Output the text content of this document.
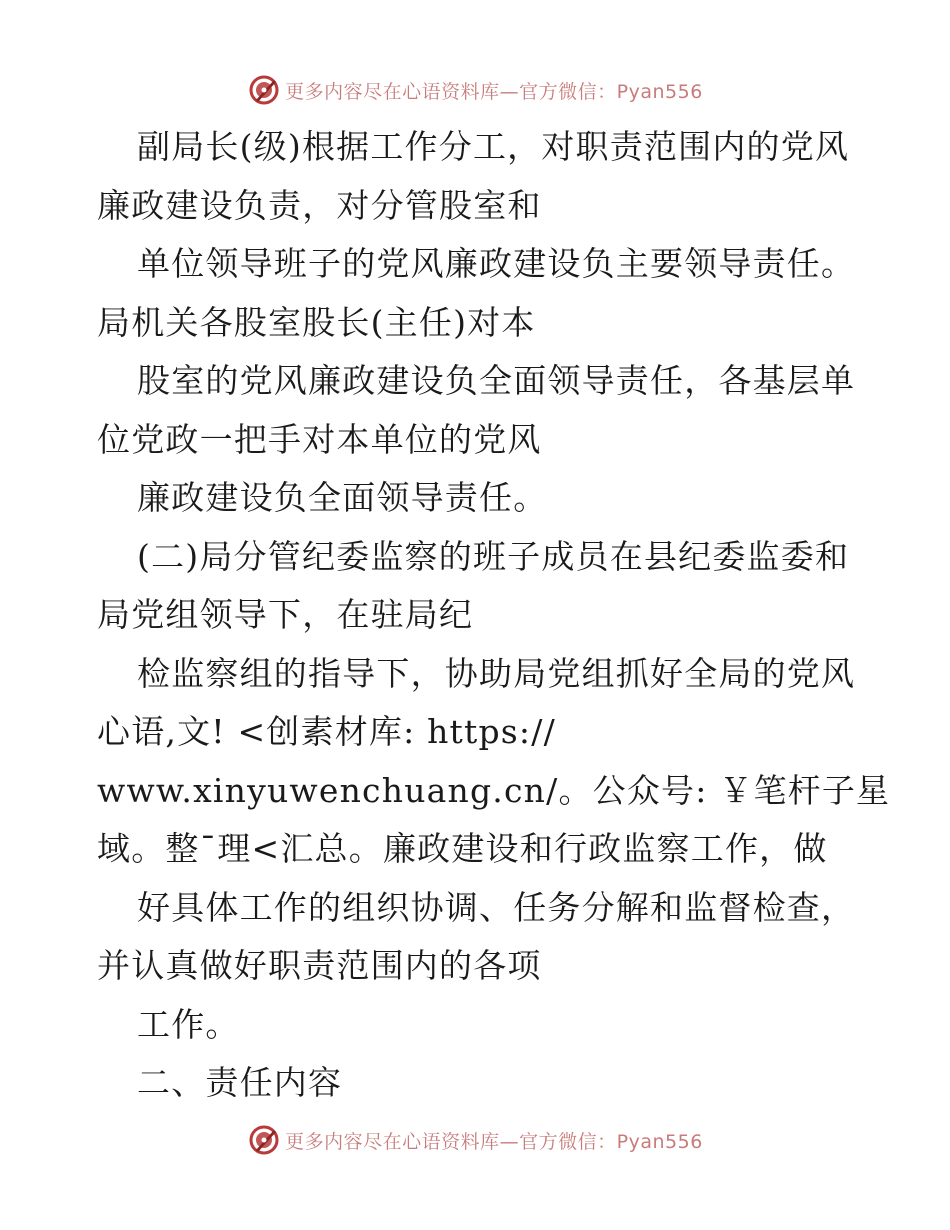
更多内容尽在心语资料库—官方微信：Pyan556
副局长(级)根据工作分工，对职责范围内的党风
廉政建设负责，对分管股室和
单位领导班子的党风廉政建设负主要领导责任。
局机关各股室股长(主任)对本
股室的党风廉政建设负全面领导责任，各基层单
位党政一把手对本单位的党风
廉政建设负全面领导责任。
(二)局分管纪委监察的班子成员在县纪委监委和
局党组领导下，在驻局纪
检监察组的指导下，协助局党组抓好全局的党风
心语,文! <创素材库: https://
www.xinyuwenchuang.cn/。公众号: ￥笔杆子星
域。整¯理<汇总。廉政建设和行政监察工作，做
好具体工作的组织协调、任务分解和监督检查，
并认真做好职责范围内的各项
工作。
二、责任内容
更多内容尽在心语资料库—官方微信：Pyan556
